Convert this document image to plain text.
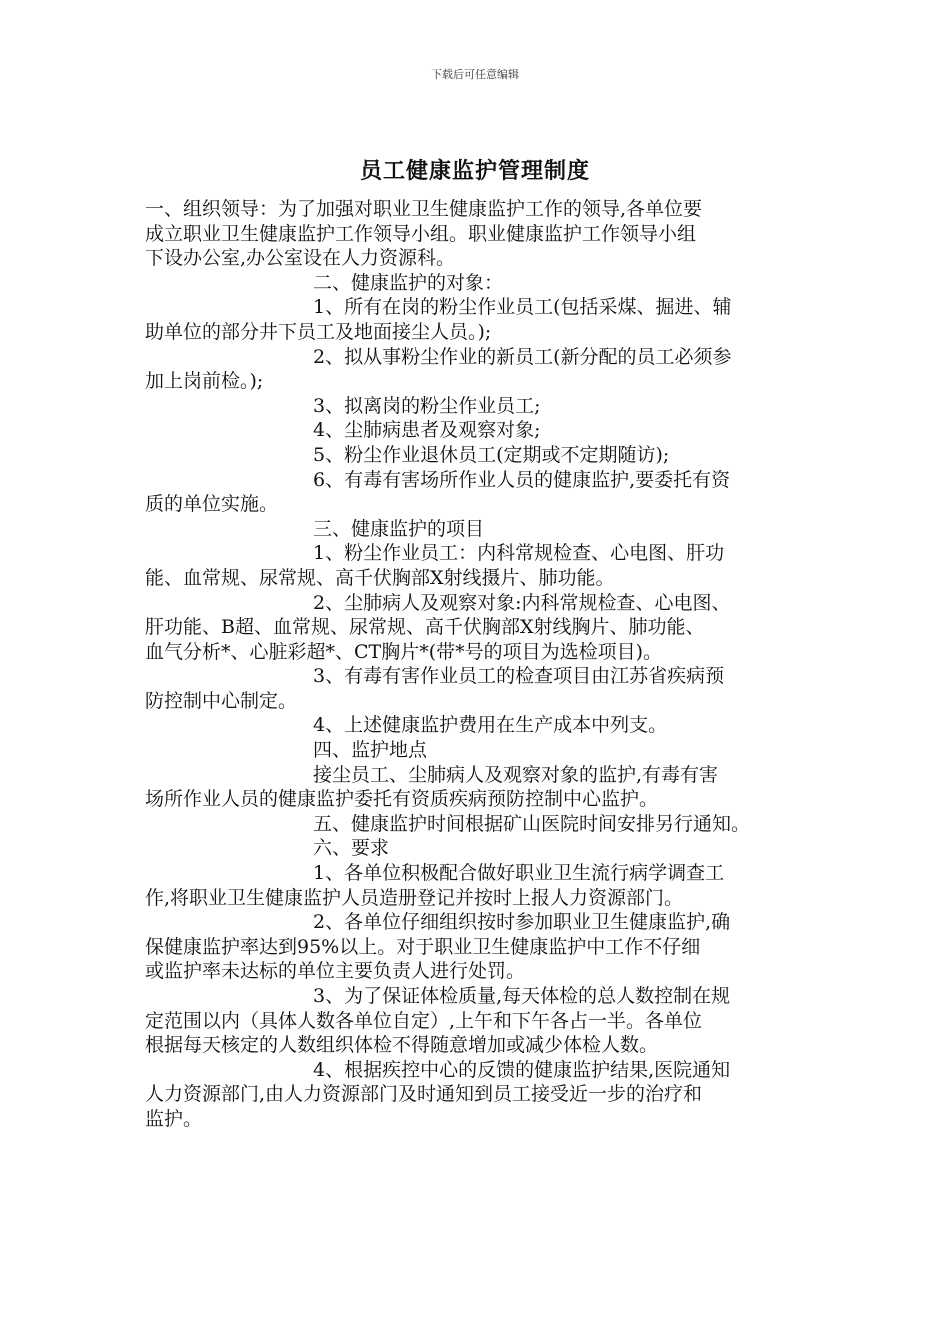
下载后可任意编辑
员工健康监护管理制度
一、组织领导：为了加强对职业卫生健康监护工作的领导,各单位要
成立职业卫生健康监护工作领导小组。职业健康监护工作领导小组
下设办公室,办公室设在人力资源科。
二、健康监护的对象：
1、所有在岗的粉尘作业员工(包括采煤、掘进、辅
助单位的部分井下员工及地面接尘人员。);
2、拟从事粉尘作业的新员工(新分配的员工必须参
加上岗前检。);
3、拟离岗的粉尘作业员工;
4、尘肺病患者及观察对象;
5、粉尘作业退休员工(定期或不定期随访);
6、有毒有害场所作业人员的健康监护,要委托有资
质的单位实施。
三、健康监护的项目
1、粉尘作业员工：内科常规检查、心电图、肝功
能、血常规、尿常规、高千伏胸部X射线摄片、肺功能。
2、尘肺病人及观察对象:内科常规检查、心电图、
肝功能、B超、血常规、尿常规、高千伏胸部X射线胸片、肺功能、
血气分析*、心脏彩超*、CT胸片*(带*号的项目为选检项目)。
3、有毒有害作业员工的检查项目由江苏省疾病预
防控制中心制定。
4、上述健康监护费用在生产成本中列支。
四、监护地点
接尘员工、尘肺病人及观察对象的监护,有毒有害
场所作业人员的健康监护委托有资质疾病预防控制中心监护。
五、健康监护时间根据矿山医院时间安排另行通知。
六、要求
1、各单位积极配合做好职业卫生流行病学调查工
作,将职业卫生健康监护人员造册登记并按时上报人力资源部门。
2、各单位仔细组织按时参加职业卫生健康监护,确
保健康监护率达到95%以上。对于职业卫生健康监护中工作不仔细
或监护率未达标的单位主要负责人进行处罚。
3、为了保证体检质量,每天体检的总人数控制在规
定范围以内（具体人数各单位自定）,上午和下午各占一半。各单位
根据每天核定的人数组织体检不得随意增加或减少体检人数。
4、根据疾控中心的反馈的健康监护结果,医院通知
人力资源部门,由人力资源部门及时通知到员工接受近一步的治疗和
监护。
